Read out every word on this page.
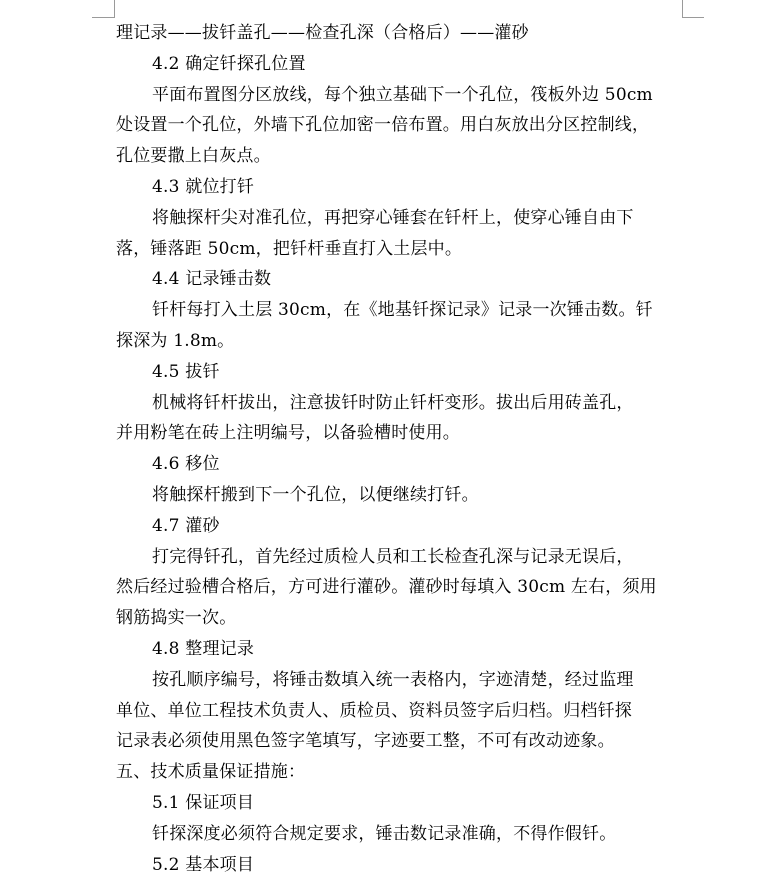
理记录——拔钎盖孔——检查孔深（合格后）——灌砂
4.2 确定钎探孔位置
平面布置图分区放线，每个独立基础下一个孔位，筏板外边 50cm
处设置一个孔位，外墙下孔位加密一倍布置。用白灰放出分区控制线，
孔位要撒上白灰点。
4.3 就位打钎
将触探杆尖对准孔位，再把穿心锤套在钎杆上，使穿心锤自由下
落，锤落距 50cm，把钎杆垂直打入土层中。
4.4 记录锤击数
钎杆每打入土层 30cm，在《地基钎探记录》记录一次锤击数。钎
探深为 1.8m。
4.5 拔钎
机械将钎杆拔出，注意拔钎时防止钎杆变形。拔出后用砖盖孔，
并用粉笔在砖上注明编号，以备验槽时使用。
4.6 移位
将触探杆搬到下一个孔位，以便继续打钎。
4.7 灌砂
打完得钎孔，首先经过质检人员和工长检查孔深与记录无误后，
然后经过验槽合格后，方可进行灌砂。灌砂时每填入 30cm 左右，须用
钢筋捣实一次。
4.8 整理记录
按孔顺序编号，将锤击数填入统一表格内，字迹清楚，经过监理
单位、单位工程技术负责人、质检员、资料员签字后归档。归档钎探
记录表必须使用黑色签字笔填写，字迹要工整，不可有改动迹象。
五、技术质量保证措施：
5.1 保证项目
钎探深度必须符合规定要求，锤击数记录准确，不得作假钎。
5.2 基本项目
